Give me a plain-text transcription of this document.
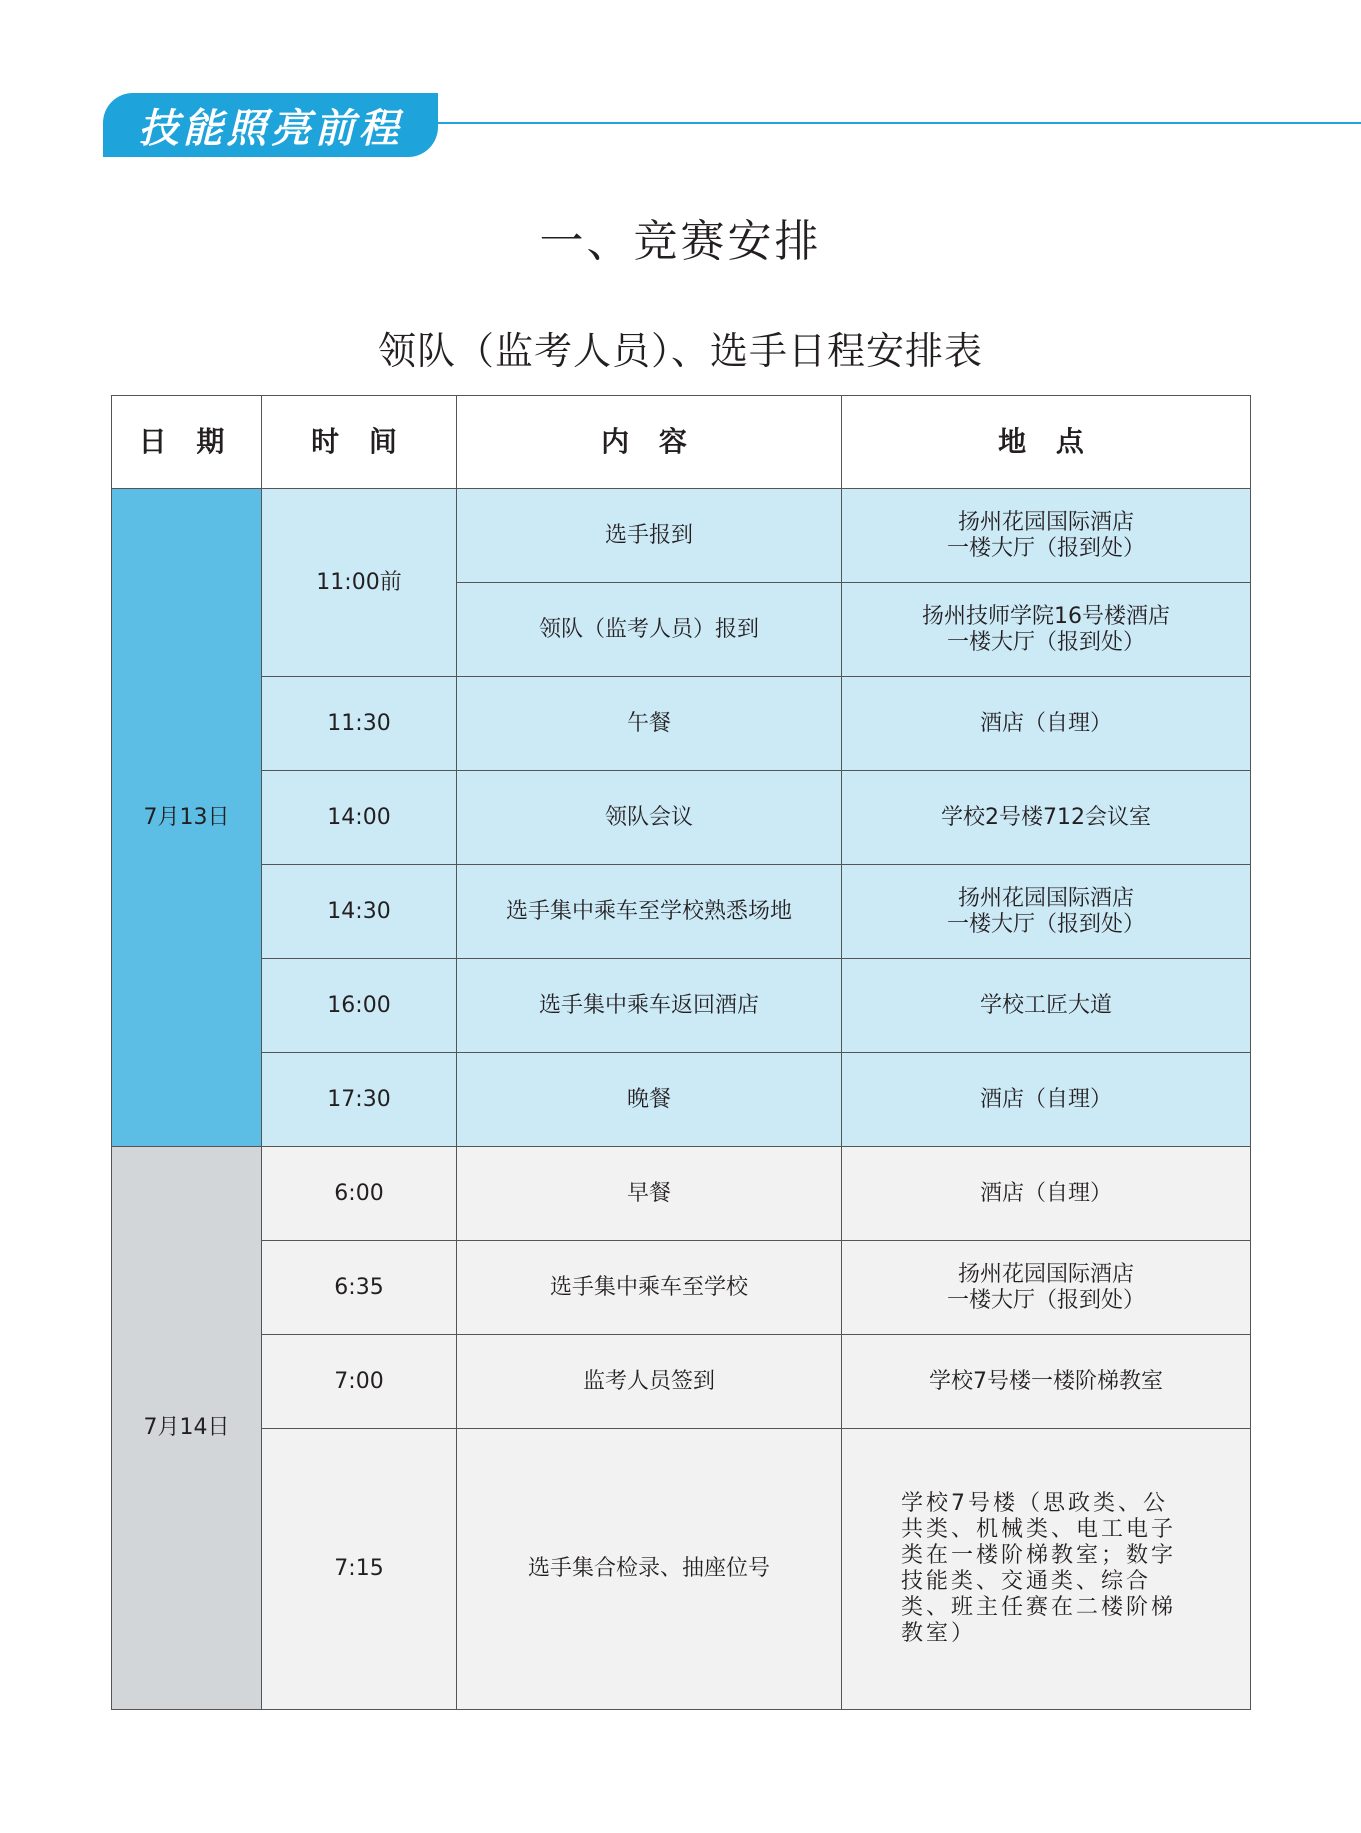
技能照亮前程
一、竞赛安排
领队（监考人员）、选手日程安排表
日 期	时 间	内 容	地 点
7月13日	11:00前	选手报到	扬州花园国际酒店
一楼大厅（报到处）
		领队（监考人员）报到	扬州技师学院16号楼酒店
一楼大厅（报到处）
	11:30	午餐	酒店（自理）
	14:00	领队会议	学校2号楼712会议室
	14:30	选手集中乘车至学校熟悉场地	扬州花园国际酒店
一楼大厅（报到处）
	16:00	选手集中乘车返回酒店	学校工匠大道
	17:30	晚餐	酒店（自理）
7月14日	6:00	早餐	酒店（自理）
	6:35	选手集中乘车至学校	扬州花园国际酒店
一楼大厅（报到处）
	7:00	监考人员签到	学校7号楼一楼阶梯教室
	7:15	选手集合检录、抽座位号	学校7号楼（思政类、公共类、机械类、电工电子类在一楼阶梯教室；数字技能类、交通类、综合类、班主任赛在二楼阶梯教室）
